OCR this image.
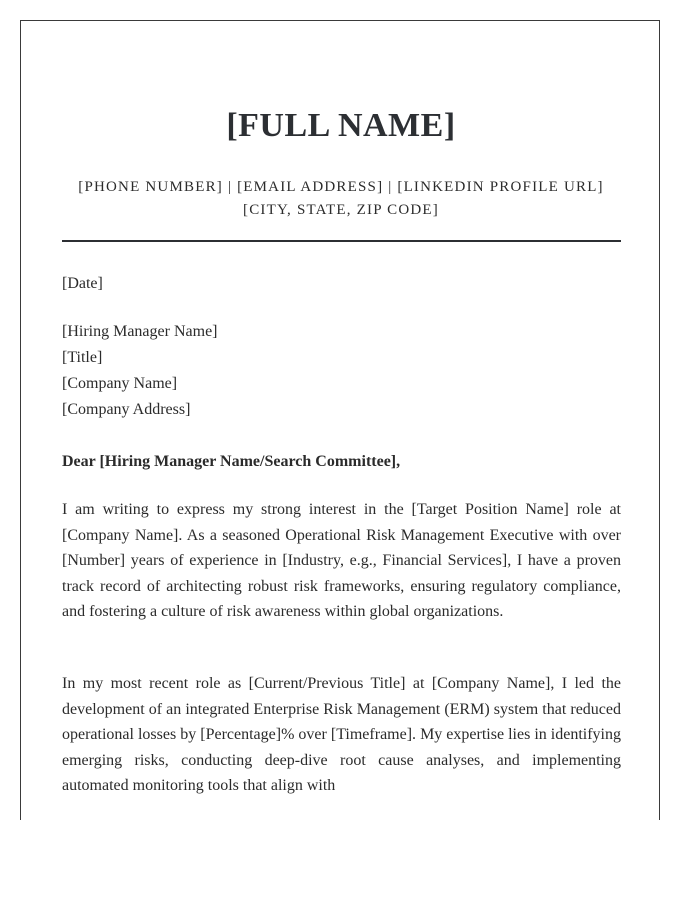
[FULL NAME]
[PHONE NUMBER] | [EMAIL ADDRESS] | [LINKEDIN PROFILE URL]
[CITY, STATE, ZIP CODE]
[Date]
[Hiring Manager Name]
[Title]
[Company Name]
[Company Address]
Dear [Hiring Manager Name/Search Committee],
I am writing to express my strong interest in the [Target Position Name] role at [Company Name]. As a seasoned Operational Risk Management Executive with over [Number] years of experience in [Industry, e.g., Financial Services], I have a proven track record of architecting robust risk frameworks, ensuring regulatory compliance, and fostering a culture of risk awareness within global organizations.
In my most recent role as [Current/Previous Title] at [Company Name], I led the development of an integrated Enterprise Risk Management (ERM) system that reduced operational losses by [Percentage]% over [Timeframe]. My expertise lies in identifying emerging risks, conducting deep-dive root cause analyses, and implementing automated monitoring tools that align with
